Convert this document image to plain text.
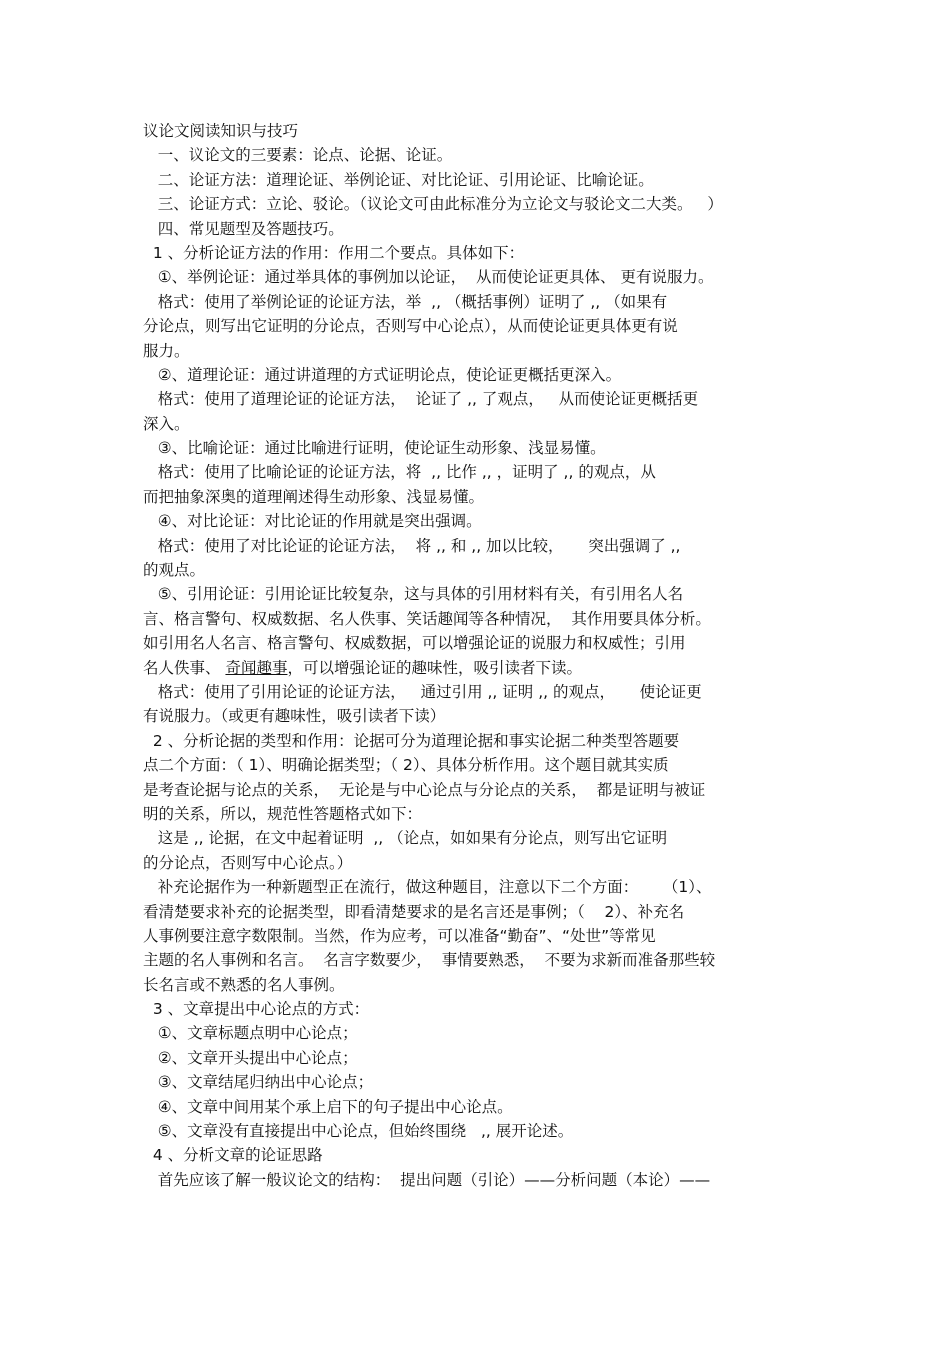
议论文阅读知识与技巧
一、议论文的三要素：论点、论据、论证。
二、论证方法：道理论证、举例论证、对比论证、引用论证、比喻论证。
三、论证方式：立论、驳论。（议论文可由此标准分为立论文与驳论文二大类。   ）
四、常见题型及答题技巧。
1 、分析论证方法的作用：作用二个要点。具体如下：
①、举例论证：通过举具体的事例加以论证，  从而使论证更具体、 更有说服力。
格式：使用了举例论证的论证方法，举  ,, （概括事例）证明了 ,, （如果有
分论点，则写出它证明的分论点，否则写中心论点），从而使论证更具体更有说
服力。
②、道理论证：通过讲道理的方式证明论点，使论证更概括更深入。
格式：使用了道理论证的论证方法，  论证了 ,, 了观点，   从而使论证更概括更
深入。
③、比喻论证：通过比喻进行证明，使论证生动形象、浅显易懂。
格式：使用了比喻论证的论证方法，将  ,, 比作 ,, ，证明了 ,, 的观点，从
而把抽象深奥的道理阐述得生动形象、浅显易懂。
④、对比论证：对比论证的作用就是突出强调。
格式：使用了对比论证的论证方法，  将 ,, 和 ,, 加以比较，     突出强调了 ,,
的观点。
⑤、引用论证：引用论证比较复杂，这与具体的引用材料有关，有引用名人名
言、格言警句、权威数据、名人佚事、笑话趣闻等各种情况，  其作用要具体分析。
如引用名人名言、格言警句、权威数据，可以增强论证的说服力和权威性；引用
名人佚事、 奇闻趣事，可以增强论证的趣味性，吸引读者下读。
格式：使用了引用论证的论证方法，   通过引用 ,, 证明 ,, 的观点，     使论证更
有说服力。（或更有趣味性，吸引读者下读）
2 、分析论据的类型和作用：论据可分为道理论据和事实论据二种类型答题要
点二个方面：（ 1）、明确论据类型；（ 2）、具体分析作用。这个题目就其实质
是考查论据与论点的关系，  无论是与中心论点与分论点的关系，  都是证明与被证
明的关系，所以，规范性答题格式如下：
这是 ,, 论据，在文中起着证明  ,, （论点，如如果有分论点，则写出它证明
的分论点，否则写中心论点。）
补充论据作为一种新题型正在流行，做这种题目，注意以下二个方面：     （1）、
看清楚要求补充的论据类型，即看清楚要求的是名言还是事例；（    2）、补充名
人事例要注意字数限制。当然，作为应考，可以准备“勤奋”、“处世”等常见
主题的名人事例和名言。  名言字数要少，  事情要熟悉，  不要为求新而准备那些较
长名言或不熟悉的名人事例。
3 、文章提出中心论点的方式：
①、文章标题点明中心论点；
②、文章开头提出中心论点；
③、文章结尾归纳出中心论点；
④、文章中间用某个承上启下的句子提出中心论点。
⑤、文章没有直接提出中心论点，但始终围绕   ,, 展开论述。
4 、分析文章的论证思路
首先应该了解一般议论文的结构：  提出问题（引论）——分析问题（本论）——
